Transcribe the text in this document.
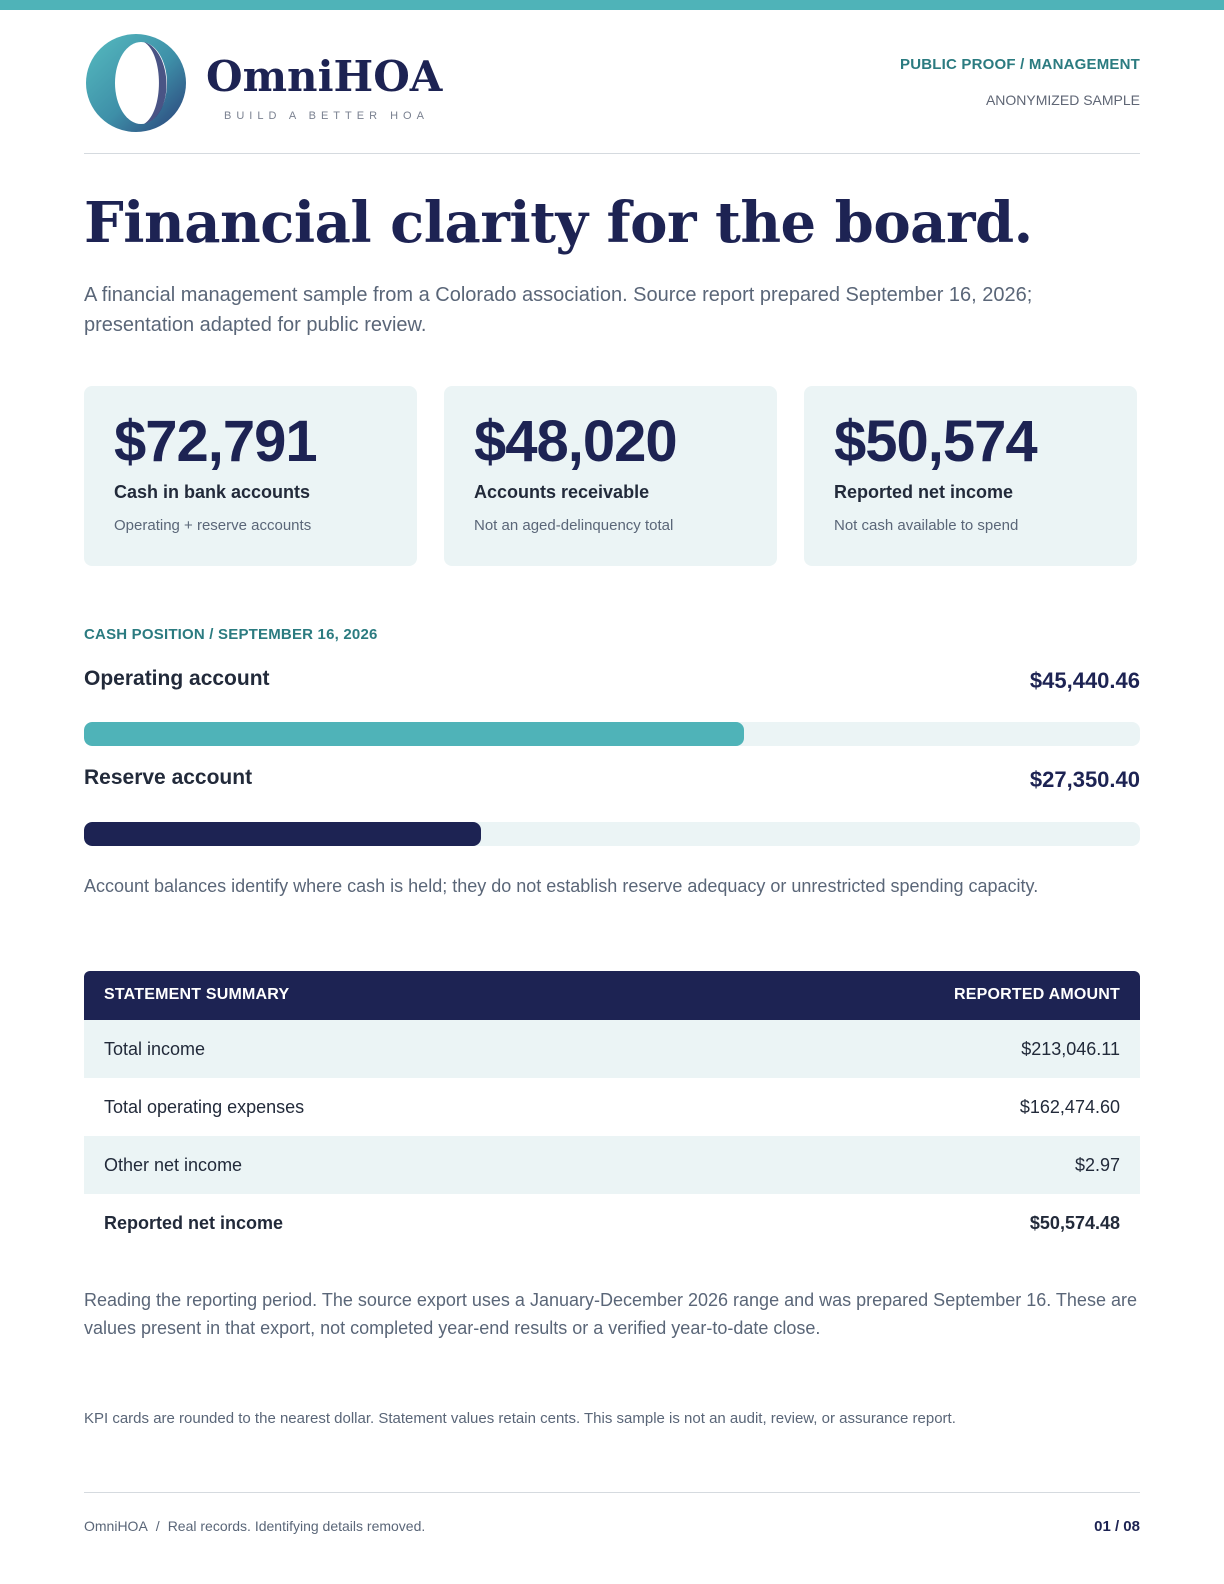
OmniHOA
BUILD A BETTER HOA
PUBLIC PROOF / MANAGEMENT
ANONYMIZED SAMPLE
Financial clarity for the board.

A financial management sample from a Colorado association. Source report prepared September 16, 2026; presentation adapted for public review.

$72,791
Cash in bank accounts
Operating + reserve accounts
$48,020
Accounts receivable
Not an aged-delinquency total
$50,574
Reported net income
Not cash available to spend
CASH POSITION / SEPTEMBER 16, 2026
Operating account	$45,440.46
Reserve account	$27,350.40

Account balances identify where cash is held; they do not establish reserve adequacy or unrestricted spending capacity.

STATEMENT SUMMARY	REPORTED AMOUNT
Total income	$213,046.11
Total operating expenses	$162,474.60
Other net income	$2.97
Reported net income	$50,574.48

Reading the reporting period. The source export uses a January-December 2026 range and was prepared September 16. These are values present in that export, not completed year-end results or a verified year-to-date close.

KPI cards are rounded to the nearest dollar. Statement values retain cents. This sample is not an audit, review, or assurance report.

OmniHOA / Real records. Identifying details removed.	01 / 08
